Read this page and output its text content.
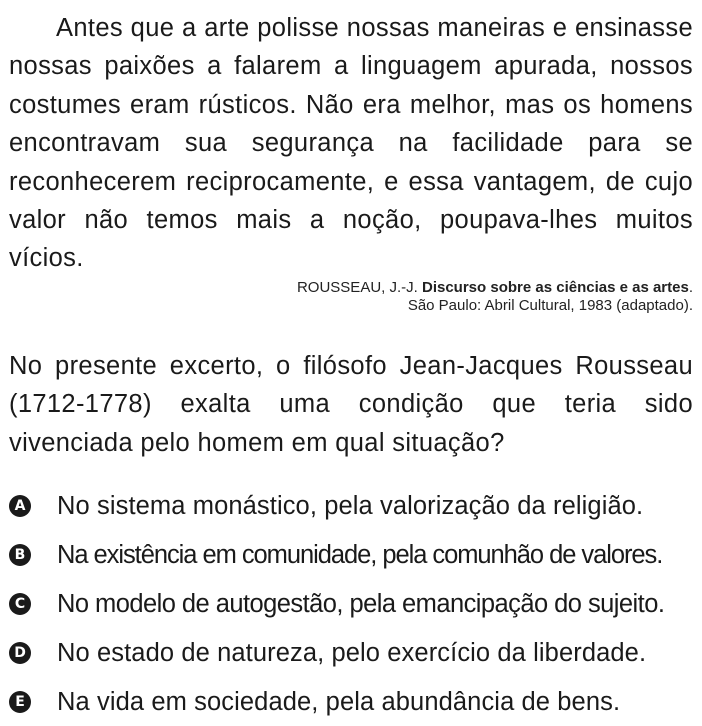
Antes que a arte polisse nossas maneiras e ensinasse nossas paixões a falarem a linguagem apurada, nossos costumes eram rústicos. Não era melhor, mas os homens encontravam sua segurança na facilidade para se reconhecerem reciprocamente, e essa vantagem, de cujo valor não temos mais a noção, poupava-lhes muitos vícios.

ROUSSEAU, J.-J. Discurso sobre as ciências e as artes.
São Paulo: Abril Cultural, 1983 (adaptado).

No presente excerto, o filósofo Jean-Jacques Rousseau (1712-1778) exalta uma condição que teria sido vivenciada pelo homem em qual situação?

A No sistema monástico, pela valorização da religião.
B Na existência em comunidade, pela comunhão de valores.
C No modelo de autogestão, pela emancipação do sujeito.
D No estado de natureza, pelo exercício da liberdade.
E Na vida em sociedade, pela abundância de bens.
